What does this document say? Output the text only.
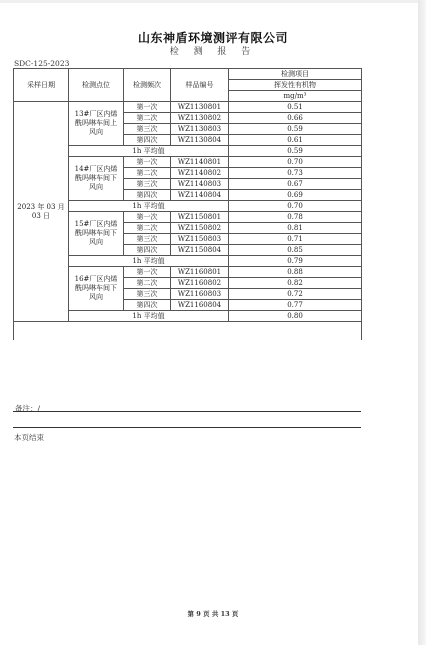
山东神盾环境测评有限公司
检 测 报 告
SDC-125-2023
采样日期	检测点位	检测频次	样品编号	检测项目
				挥发性有机物
				mg/m³
2023 年 03 月 03 日	13#厂区内烯酰吗啉车间上风向	第一次	WZ1130801	0.51
		第二次	WZ1130802	0.66
		第三次	WZ1130803	0.59
		第四次	WZ1130804	0.61
	1h 平均值			0.59
	14#厂区内烯酰吗啉车间下风向	第一次	WZ1140801	0.70
		第二次	WZ1140802	0.73
		第三次	WZ1140803	0.67
		第四次	WZ1140804	0.69
	1h 平均值			0.70
	15#厂区内烯酰吗啉车间下风向	第一次	WZ1150801	0.78
		第二次	WZ1150802	0.81
		第三次	WZ1150803	0.71
		第四次	WZ1150804	0.85
	1h 平均值			0.79
	16#厂区内烯酰吗啉车间下风向	第一次	WZ1160801	0.88
		第二次	WZ1160802	0.82
		第三次	WZ1160803	0.72
		第四次	WZ1160804	0.77
	1h 平均值			0.80

备注：/
本页结束
第 9 页 共 13 页
